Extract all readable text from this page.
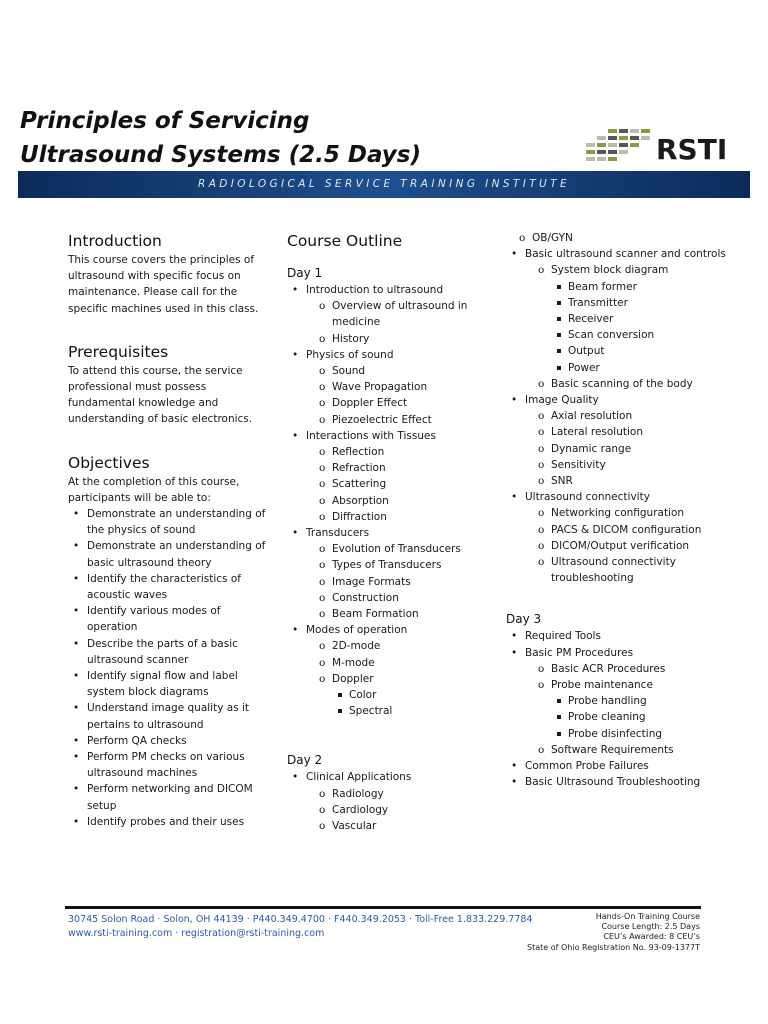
Principles of Servicing
Ultrasound Systems (2.5 Days)	RSTI
RADIOLOGICAL SERVICE TRAINING INSTITUTE
Introduction

This course covers the principles of ultrasound with specific focus on maintenance. Please call for the specific machines used in this class.

Prerequisites

To attend this course, the service professional must possess fundamental knowledge and understanding of basic electronics.

Objectives

At the completion of this course, participants will be able to:

• Demonstrate an understanding of the physics of sound
• Demonstrate an understanding of basic ultrasound theory
• Identify the characteristics of acoustic waves
• Identify various modes of operation
• Describe the parts of a basic ultrasound scanner
• Identify signal flow and label system block diagrams
• Understand image quality as it pertains to ultrasound
• Perform QA checks
• Perform PM checks on various ultrasound machines
• Perform networking and DICOM setup
• Identify probes and their uses
Course Outline
Day 1
• Introduction to ultrasound
o Overview of ultrasound in medicine
o History
• Physics of sound
o Sound
o Wave Propagation
o Doppler Effect
o Piezoelectric Effect
• Interactions with Tissues
o Reflection
o Refraction
o Scattering
o Absorption
o Diffraction
• Transducers
o Evolution of Transducers
o Types of Transducers
o Image Formats
o Construction
o Beam Formation
• Modes of operation
o 2D-mode
o M-mode
o Doppler
Color
Spectral
Day 2
• Clinical Applications
o Radiology
o Cardiology
o Vascular
o OB/GYN
• Basic ultrasound scanner and controls
o System block diagram
Beam former
Transmitter
Receiver
Scan conversion
Output
Power
o Basic scanning of the body
• Image Quality
o Axial resolution
o Lateral resolution
o Dynamic range
o Sensitivity
o SNR
• Ultrasound connectivity
o Networking configuration
o PACS & DICOM configuration
o DICOM/Output verification
o Ultrasound connectivity troubleshooting
Day 3
• Required Tools
• Basic PM Procedures
o Basic ACR Procedures
o Probe maintenance
Probe handling
Probe cleaning
Probe disinfecting
o Software Requirements
• Common Probe Failures
• Basic Ultrasound Troubleshooting
30745 Solon Road · Solon, OH 44139 · P440.349.4700 · F440.349.2053 · Toll-Free 1.833.229.7784
www.rsti-training.com · registration@rsti-training.com
Hands-On Training Course
Course Length: 2.5 Days
CEU’s Awarded: 8 CEU’s
State of Ohio Registration No. 93-09-1377T
